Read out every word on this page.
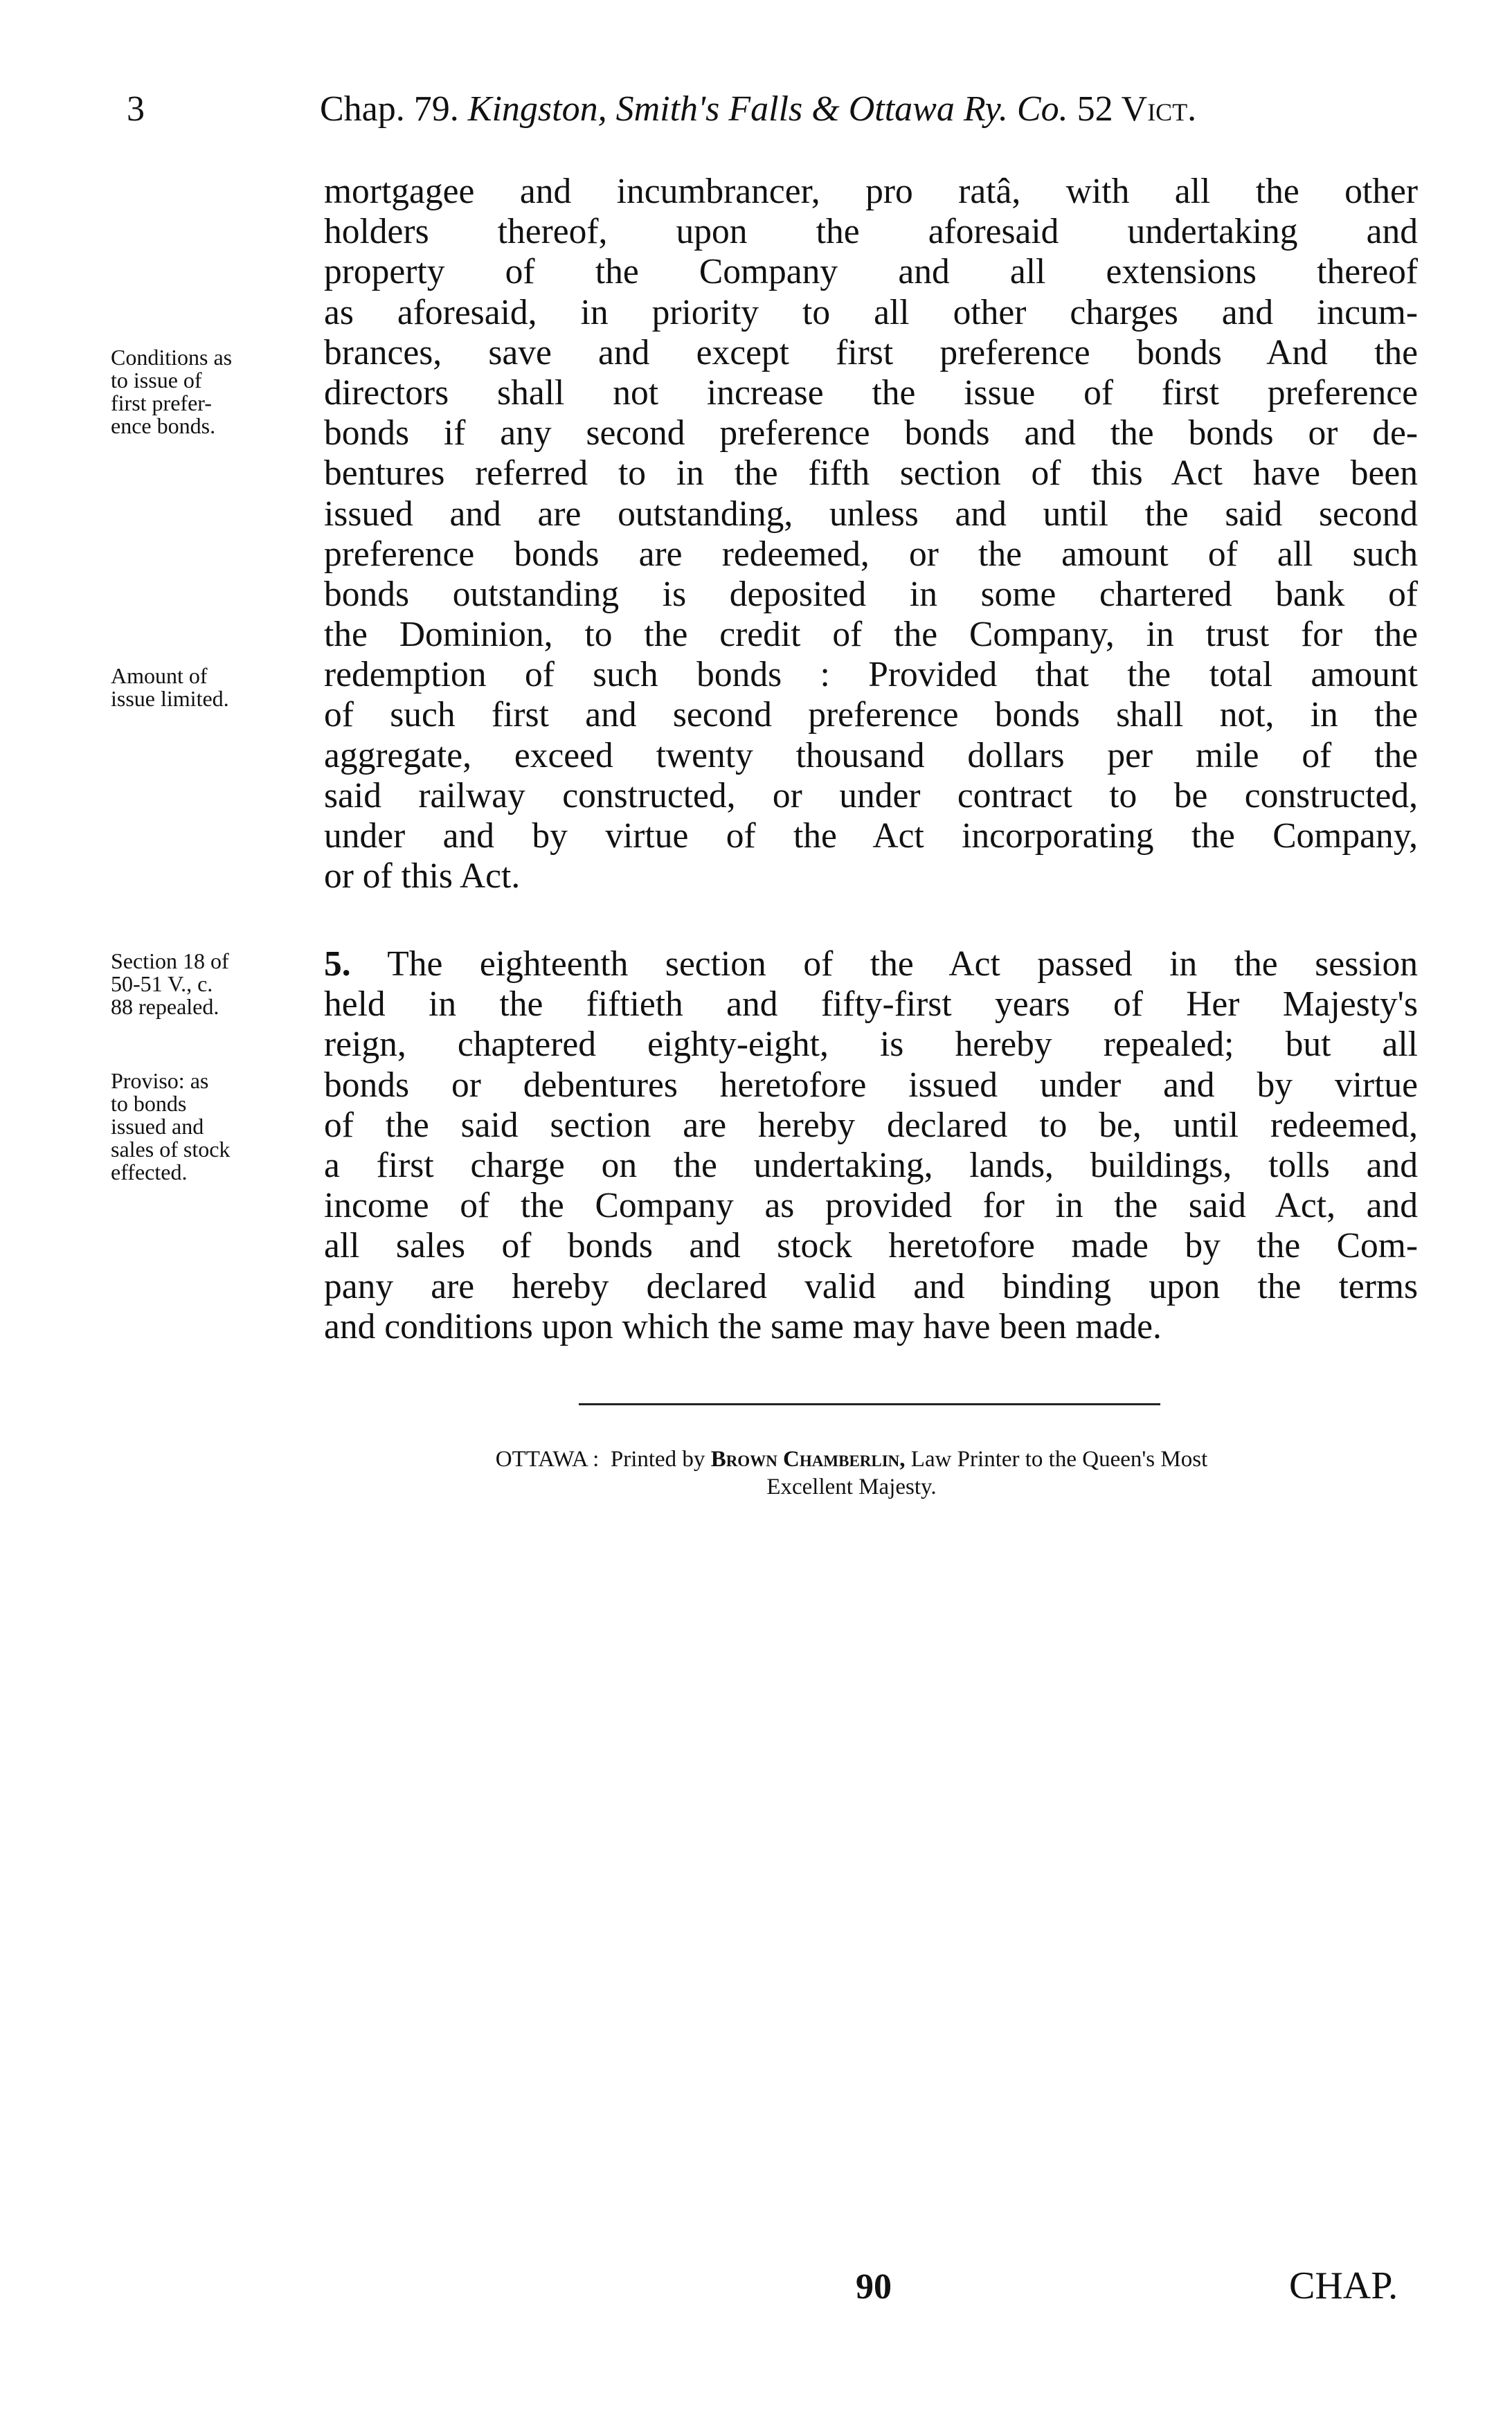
3	Chap. 79. Kingston, Smith's Falls & Ottawa Ry. Co. 52 Vict.
Conditions as
to issue of
first prefer-
ence bonds.
Amount of
issue limited.
Section 18 of
50-51 V., c.
88 repealed.
Proviso: as
to bonds
issued and
sales of stock
effected.
mortgagee and incumbrancer, pro ratâ, with all the other
holders thereof, upon the aforesaid undertaking and
property of the Company and all extensions thereof
as aforesaid, in priority to all other charges and incum-
brances, save and except first preference bonds And the
directors shall not increase the issue of first preference
bonds if any second preference bonds and the bonds or de-
bentures referred to in the fifth section of this Act have been
issued and are outstanding, unless and until the said second
preference bonds are redeemed, or the amount of all such
bonds outstanding is deposited in some chartered bank of
the Dominion, to the credit of the Company, in trust for the
redemption of such bonds : Provided that the total amount
of such first and second preference bonds shall not, in the
aggregate, exceed twenty thousand dollars per mile of the
said railway constructed, or under contract to be constructed,
under and by virtue of the Act incorporating the Company,
or of this Act.
5. The eighteenth section of the Act passed in the session
held in the fiftieth and fifty-first years of Her Majesty's
reign, chaptered eighty-eight, is hereby repealed; but all
bonds or debentures heretofore issued under and by virtue
of the said section are hereby declared to be, until redeemed,
a first charge on the undertaking, lands, buildings, tolls and
income of the Company as provided for in the said Act, and
all sales of bonds and stock heretofore made by the Com-
pany are hereby declared valid and binding upon the terms
and conditions upon which the same may have been made.
OTTAWA : Printed by Brown Chamberlin, Law Printer to the Queen's Most
Excellent Majesty.
90	CHAP.
